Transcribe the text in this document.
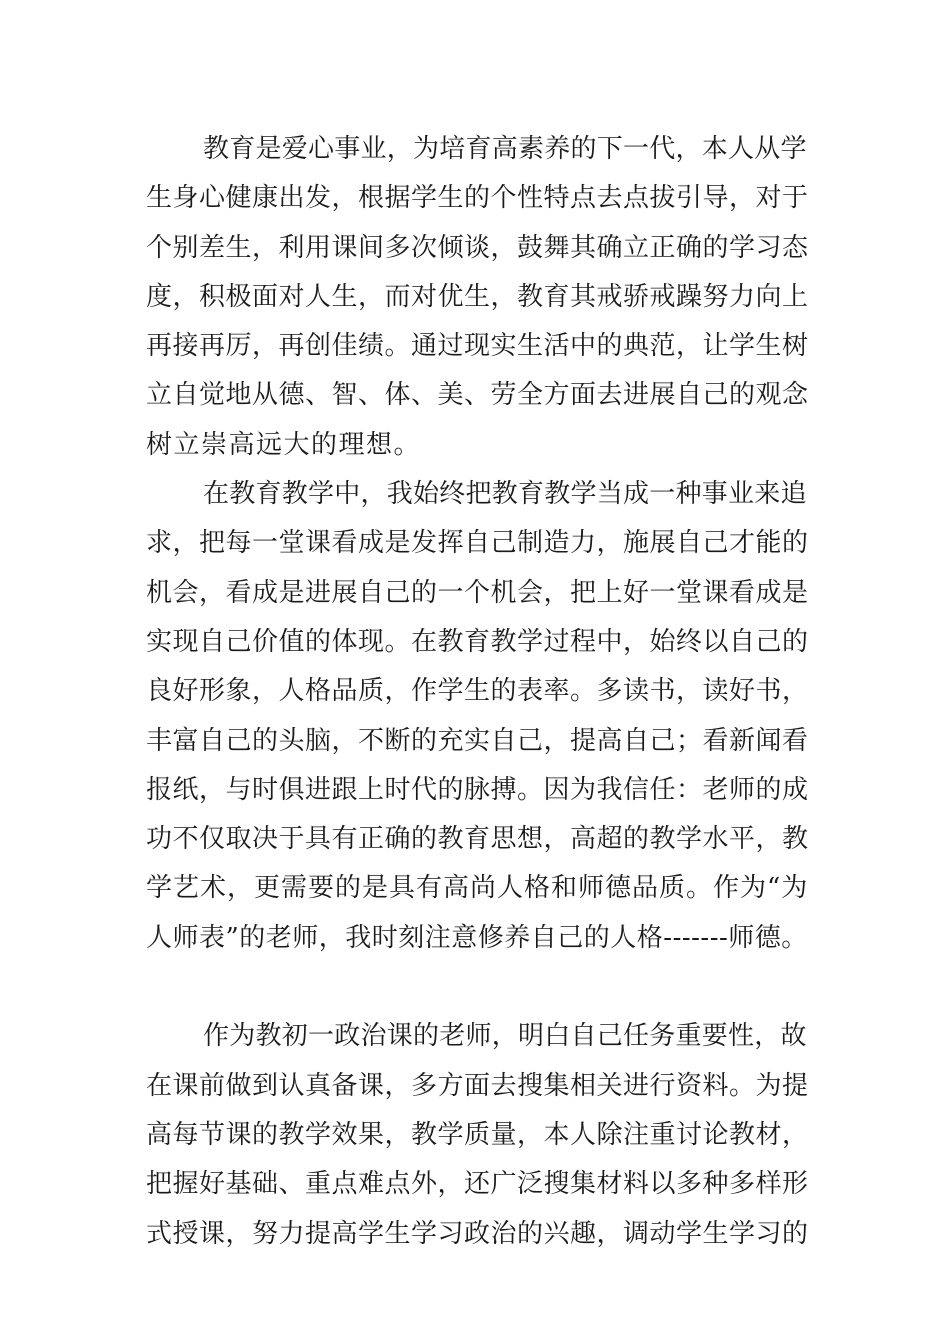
教育是爱心事业，为培育高素养的下一代，本人从学
生身心健康出发，根据学生的个性特点去点拔引导，对于
个别差生，利用课间多次倾谈，鼓舞其确立正确的学习态
度，积极面对人生，而对优生，教育其戒骄戒躁努力向上
再接再厉，再创佳绩。通过现实生活中的典范，让学生树
立自觉地从德、智、体、美、劳全方面去进展自己的观念
树立崇高远大的理想。
在教育教学中，我始终把教育教学当成一种事业来追
求，把每一堂课看成是发挥自己制造力，施展自己才能的
机会，看成是进展自己的一个机会，把上好一堂课看成是
实现自己价值的体现。在教育教学过程中，始终以自己的
良好形象，人格品质，作学生的表率。多读书，读好书，
丰富自己的头脑，不断的充实自己，提高自己；看新闻看
报纸，与时俱进跟上时代的脉搏。因为我信任：老师的成
功不仅取决于具有正确的教育思想，高超的教学水平，教
学艺术，更需要的是具有高尚人格和师德品质。作为“为
人师表”的老师，我时刻注意修养自己的人格-------师德。
作为教初一政治课的老师，明白自己任务重要性，故
在课前做到认真备课，多方面去搜集相关进行资料。为提
高每节课的教学效果，教学质量，本人除注重讨论教材，
把握好基础、重点难点外，还广泛搜集材料以多种多样形
式授课，努力提高学生学习政治的兴趣，调动学生学习的
